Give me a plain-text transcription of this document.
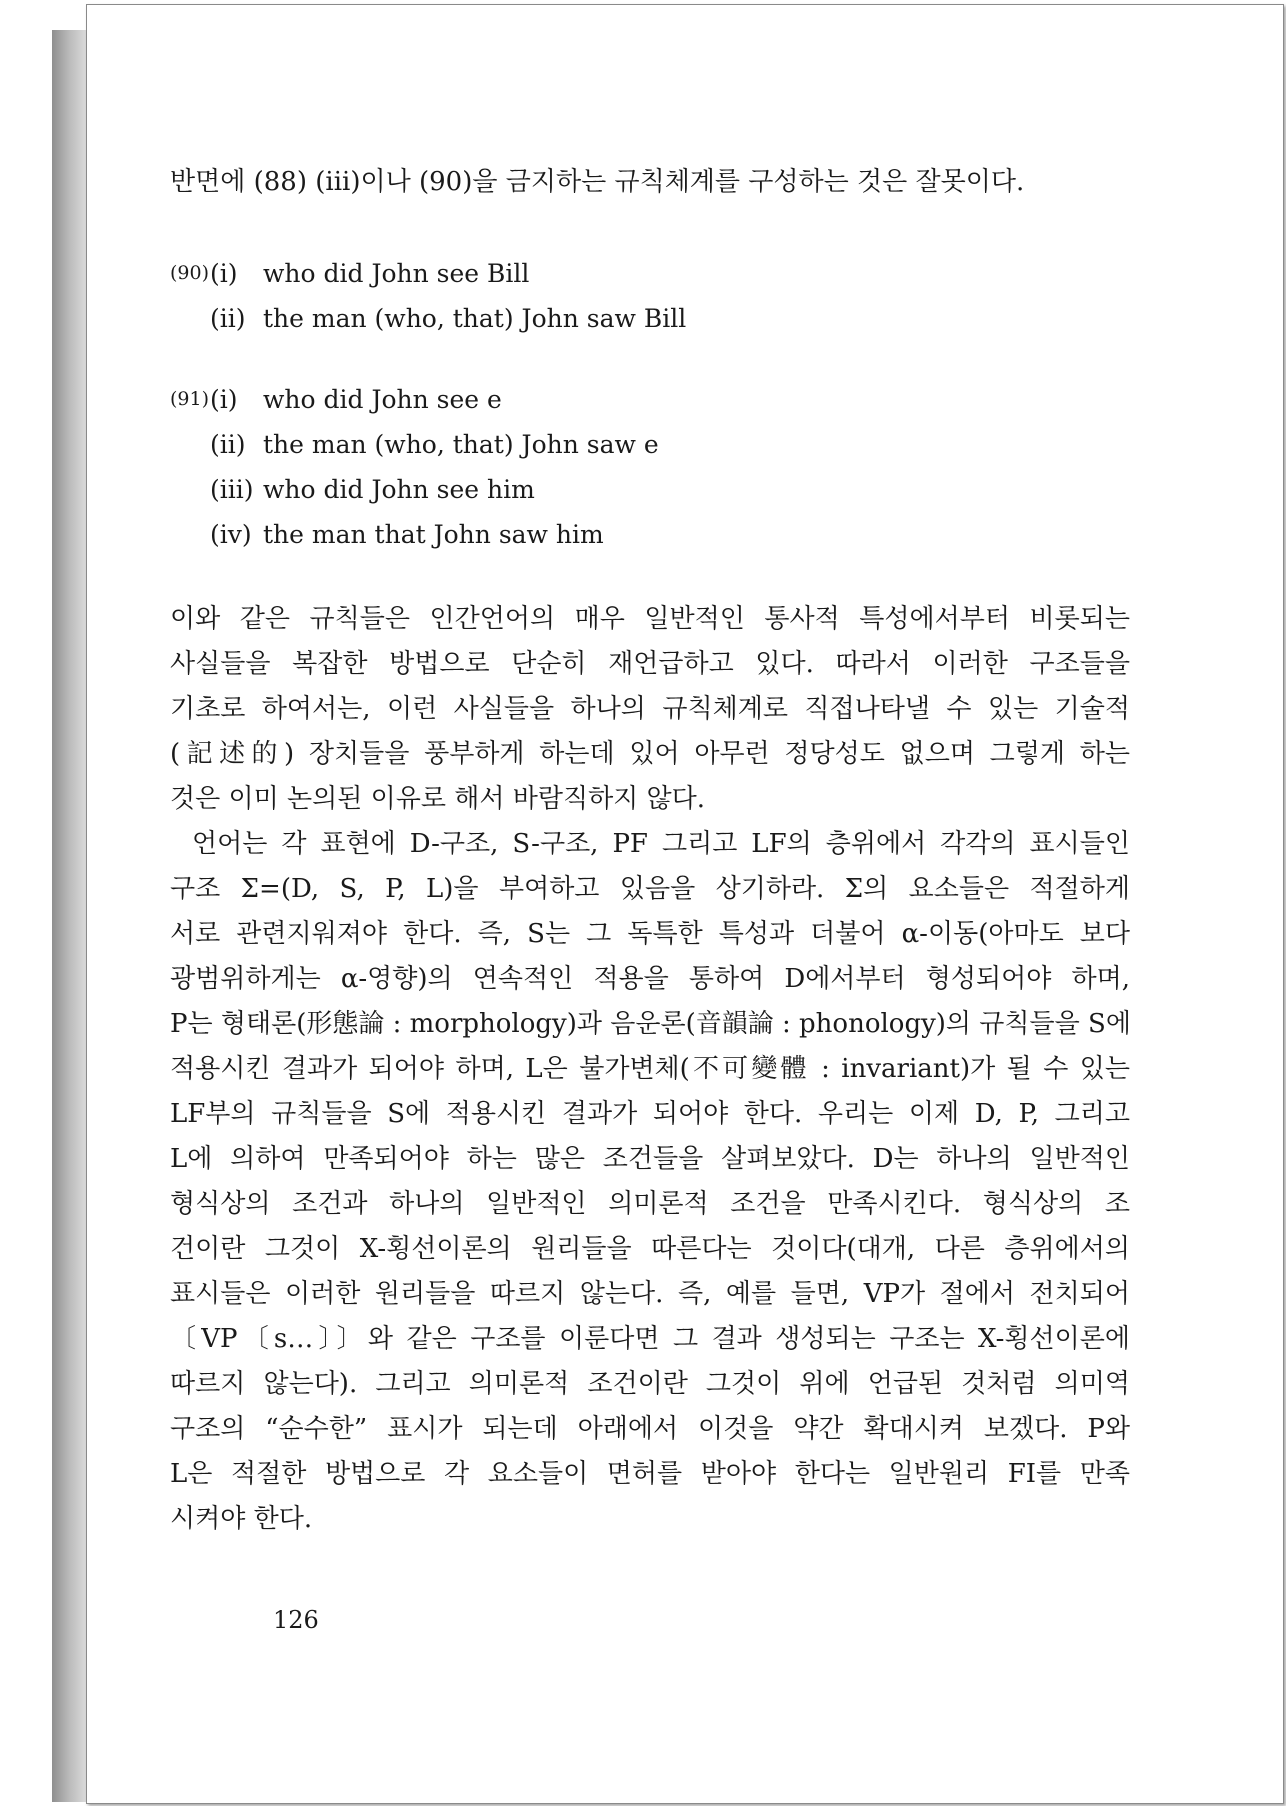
반면에 (88) (iii)이나 (90)을 금지하는 규칙체계를 구성하는 것은 잘못이다.
(90) (i)	who did John see Bill
(ii) the man (who, that) John saw Bill
(91) (i)	who did John see e
(ii) the man (who, that) John saw e
(iii) who did John see him
(iv) the man that John saw him
이와 같은 규칙들은 인간언어의 매우 일반적인 통사적 특성에서부터 비롯되는
사실들을 복잡한 방법으로 단순히 재언급하고 있다. 따라서 이러한 구조들을
기초로 하여서는, 이런 사실들을 하나의 규칙체계로 직접나타낼 수 있는 기술적
(記述的) 장치들을 풍부하게 하는데 있어 아무런 정당성도 없으며 그렇게 하는
것은 이미 논의된 이유로 해서 바람직하지 않다.
언어는 각 표현에 D-구조, S-구조, PF 그리고 LF의 층위에서 각각의 표시들인
구조 Σ=(D, S, P, L)을 부여하고 있음을 상기하라. Σ의 요소들은 적절하게
서로 관련지워져야 한다. 즉, S는 그 독특한 특성과 더불어 α-이동(아마도 보다
광범위하게는 α-영향)의 연속적인 적용을 통하여 D에서부터 형성되어야 하며,
P는 형태론(形態論 : morphology)과 음운론(音韻論 : phonology)의 규칙들을 S에
적용시킨 결과가 되어야 하며, L은 불가변체(不可變體 : invariant)가 될 수 있는
LF부의 규칙들을 S에 적용시킨 결과가 되어야 한다. 우리는 이제 D, P, 그리고
L에 의하여 만족되어야 하는 많은 조건들을 살펴보았다. D는 하나의 일반적인
형식상의 조건과 하나의 일반적인 의미론적 조건을 만족시킨다. 형식상의 조
건이란 그것이 X-횡선이론의 원리들을 따른다는 것이다(대개, 다른 층위에서의
표시들은 이러한 원리들을 따르지 않는다. 즉, 예를 들면, VP가 절에서 전치되어
〔VP〔s…〕〕와 같은 구조를 이룬다면 그 결과 생성되는 구조는 X-횡선이론에
따르지 않는다). 그리고 의미론적 조건이란 그것이 위에 언급된 것처럼 의미역
구조의 “순수한” 표시가 되는데 아래에서 이것을 약간 확대시켜 보겠다. P와
L은 적절한 방법으로 각 요소들이 면허를 받아야 한다는 일반원리 FI를 만족
시켜야 한다.
126
